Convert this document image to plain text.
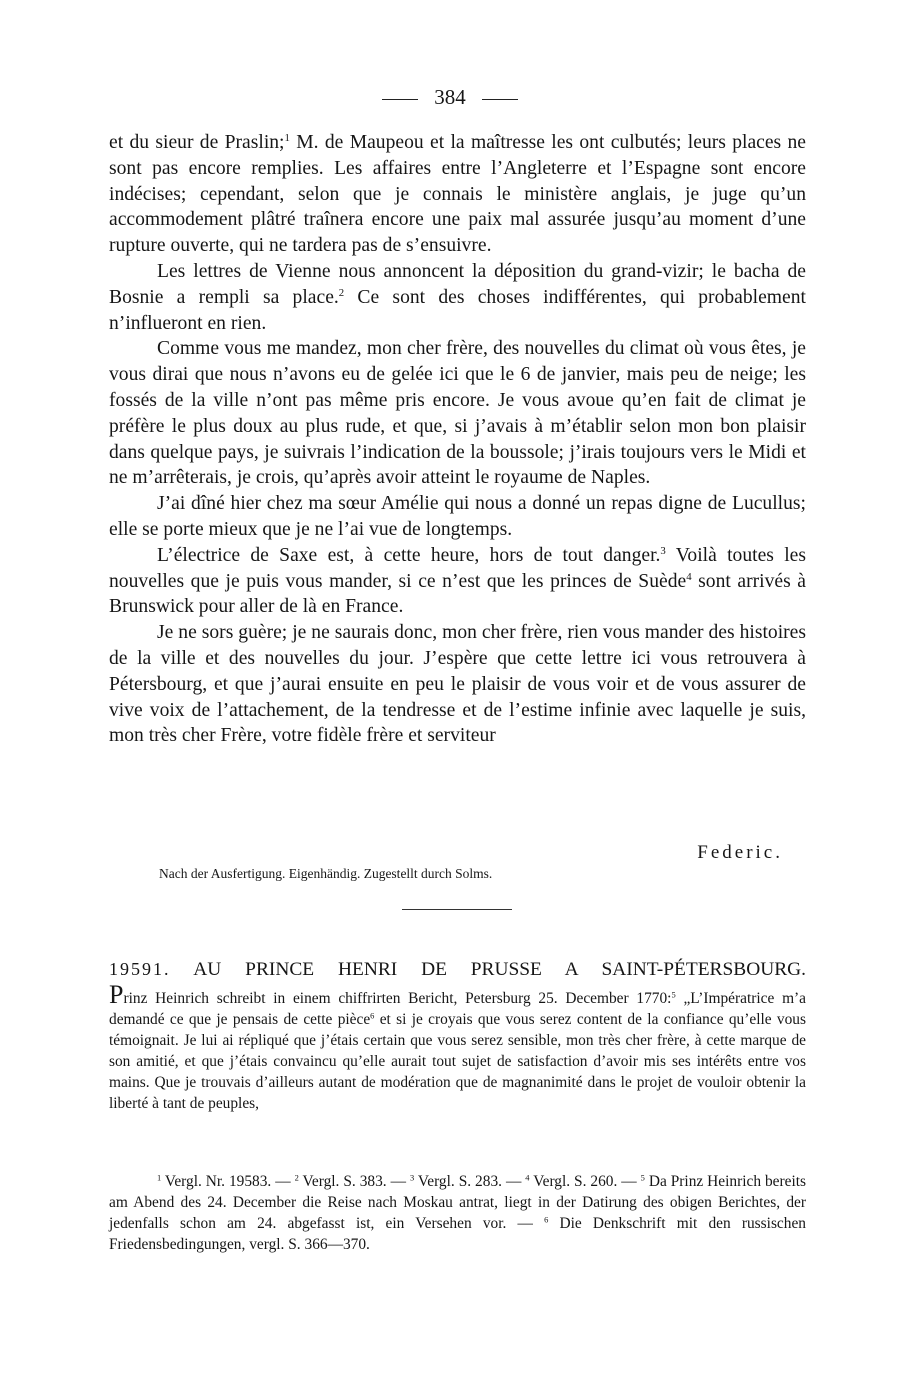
384

et du sieur de Praslin;$^1$ M. de Maupeou et la maîtresse les ont culbutés; leurs places ne sont pas encore remplies. Les affaires entre l’Angleterre et l’Espagne sont encore indécises; cependant, selon que je connais le ministère anglais, je juge qu’un accommodement plâtré traînera encore une paix mal assurée jusqu’au moment d’une rupture ouverte, qui ne tardera pas de s’ensuivre.

Les lettres de Vienne nous annoncent la déposition du grand-vizir; le bacha de Bosnie a rempli sa place.$^2$ Ce sont des choses indifférentes, qui probablement n’influeront en rien.

Comme vous me mandez, mon cher frère, des nouvelles du climat où vous êtes, je vous dirai que nous n’avons eu de gelée ici que le 6 de janvier, mais peu de neige; les fossés de la ville n’ont pas même pris encore. Je vous avoue qu’en fait de climat je préfère le plus doux au plus rude, et que, si j’avais à m’établir selon mon bon plaisir dans quelque pays, je suivrais l’indication de la boussole; j’irais toujours vers le Midi et ne m’arrêterais, je crois, qu’après avoir atteint le royaume de Naples.

J’ai dîné hier chez ma sœur Amélie qui nous a donné un repas digne de Lucullus; elle se porte mieux que je ne l’ai vue de longtemps.

L’électrice de Saxe est, à cette heure, hors de tout danger.$^3$ Voilà toutes les nouvelles que je puis vous mander, si ce n’est que les princes de Suède$^4$ sont arrivés à Brunswick pour aller de là en France.

Je ne sors guère; je ne saurais donc, mon cher frère, rien vous mander des histoires de la ville et des nouvelles du jour. J’espère que cette lettre ici vous retrouvera à Pétersbourg, et que j’aurai ensuite en peu le plaisir de vous voir et de vous assurer de vive voix de l’attachement, de la tendresse et de l’estime infinie avec laquelle je suis, mon très cher Frère, votre fidèle frère et serviteur

Federic.
Nach der Ausfertigung. Eigenhändig. Zugestellt durch Solms.
19591. AU PRINCE HENRI DE PRUSSE A SAINT-PÉTERSBOURG.
Prinz Heinrich schreibt in einem chiffrirten Bericht, Petersburg 25. December 1770:$^5$ „L’Impératrice m’a demandé ce que je pensais de cette pièce$^6$ et si je croyais que vous serez content de la confiance qu’elle vous témoignait. Je lui ai répliqué que j’étais certain que vous serez sensible, mon très cher frère, à cette marque de son amitié, et que j’étais convaincu qu’elle aurait tout sujet de satisfaction d’avoir mis ses intérêts entre vos mains. Que je trouvais d’ailleurs autant de modération que de magnanimité dans le projet de vouloir obtenir la liberté à tant de peuples,

$^1$ Vergl. Nr. 19583. — $^2$ Vergl. S. 383. — $^3$ Vergl. S. 283. — $^4$ Vergl. S. 260. — $^5$ Da Prinz Heinrich bereits am Abend des 24. December die Reise nach Moskau antrat, liegt in der Datirung des obigen Berichtes, der jedenfalls schon am 24. abgefasst ist, ein Versehen vor. — $^6$ Die Denkschrift mit den russischen Friedensbedingungen, vergl. S. 366—370.
